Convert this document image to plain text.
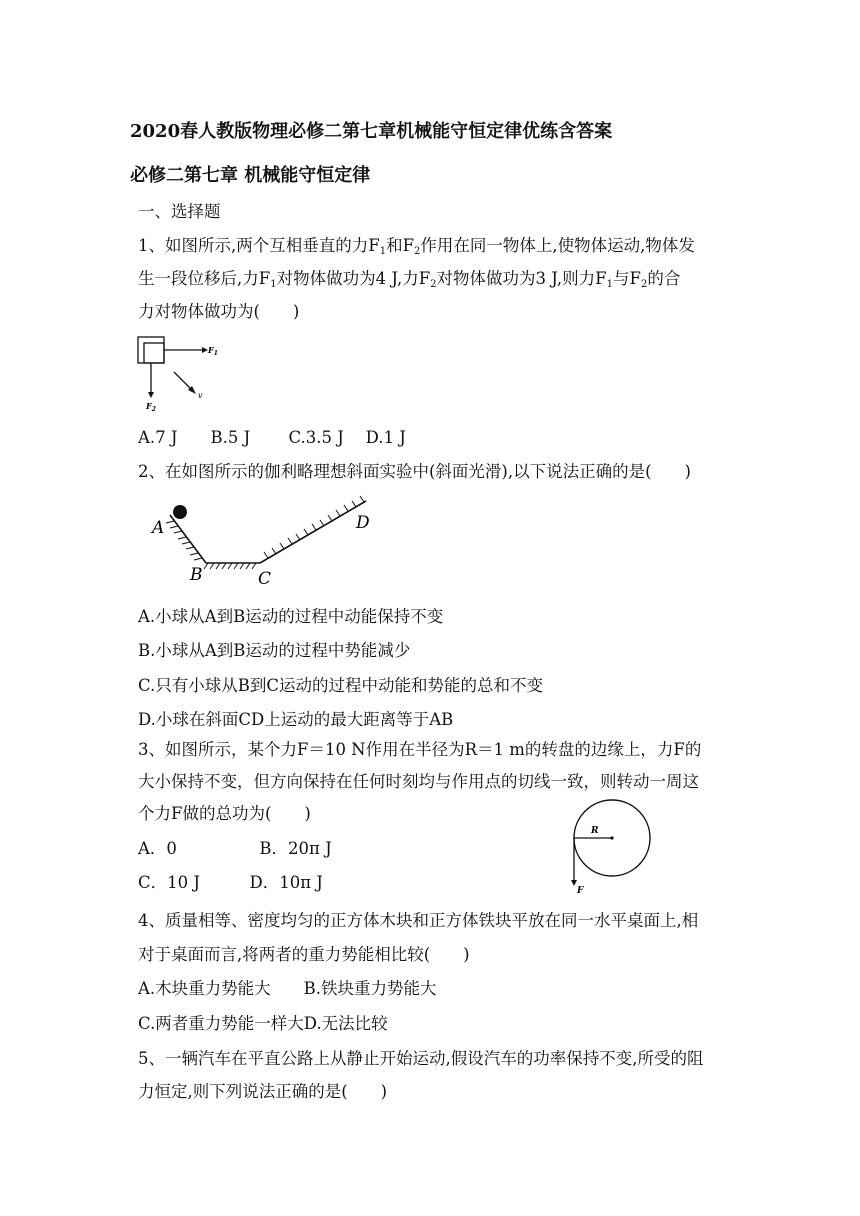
2020春人教版物理必修二第七章机械能守恒定律优练含答案
必修二第七章 机械能守恒定律
一、选择题
1、如图所示,两个互相垂直的力$F_1$和$F_2$作用在同一物体上,使物体运动,物体发
生一段位移后,力$F_1$对物体做功为4 J,力$F_2$对物体做功为3 J,则力$F_1$与$F_2$的合
力对物体做功为(　　)
$F_1$
$F_2$
v
A.7 J　　B.5 J　　 C.3.5 J　 D.1 J
2、在如图所示的伽利略理想斜面实验中(斜面光滑),以下说法正确的是(　　)
A
B	C
D
A.小球从A到B运动的过程中动能保持不变
B.小球从A到B运动的过程中势能减少
C.只有小球从B到C运动的过程中动能和势能的总和不变
D.小球在斜面CD上运动的最大距离等于AB
3、如图所示，某个力F＝10 N作用在半径为R＝1 m的转盘的边缘上，力F的
大小保持不变，但方向保持在任何时刻均与作用点的切线一致，则转动一周这
个力F做的总功为(　　)
A．0　　　　　B．20π J
C．10 J　　　D．10π J
R
F
4、质量相等、密度均匀的正方体木块和正方体铁块平放在同一水平桌面上,相
对于桌面而言,将两者的重力势能相比较(　　)
A.木块重力势能大　　B.铁块重力势能大
C.两者重力势能一样大D.无法比较
5、一辆汽车在平直公路上从静止开始运动,假设汽车的功率保持不变,所受的阻
力恒定,则下列说法正确的是(　　)
